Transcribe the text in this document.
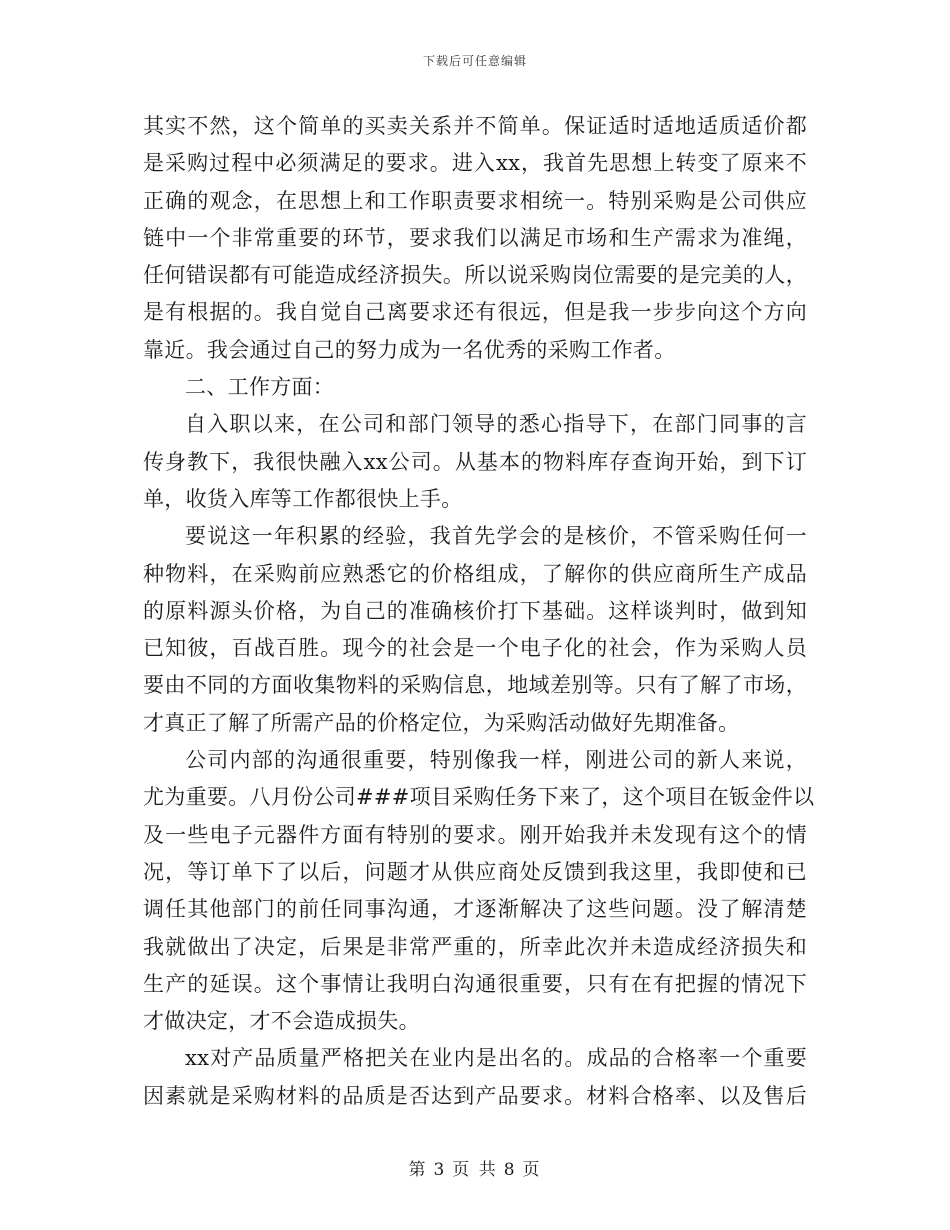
下载后可任意编辑
其实不然，这个简单的买卖关系并不简单。保证适时适地适质适价都
是采购过程中必须满足的要求。进入xx，我首先思想上转变了原来不
正确的观念，在思想上和工作职责要求相统一。特别采购是公司供应
链中一个非常重要的环节，要求我们以满足市场和生产需求为准绳，
任何错误都有可能造成经济损失。所以说采购岗位需要的是完美的人，
是有根据的。我自觉自己离要求还有很远，但是我一步步向这个方向
靠近。我会通过自己的努力成为一名优秀的采购工作者。
二、工作方面：
自入职以来，在公司和部门领导的悉心指导下，在部门同事的言
传身教下，我很快融入xx公司。从基本的物料库存查询开始，到下订
单，收货入库等工作都很快上手。
要说这一年积累的经验，我首先学会的是核价，不管采购任何一
种物料，在采购前应熟悉它的价格组成，了解你的供应商所生产成品
的原料源头价格，为自己的准确核价打下基础。这样谈判时，做到知
已知彼，百战百胜。现今的社会是一个电子化的社会，作为采购人员
要由不同的方面收集物料的采购信息，地域差别等。只有了解了市场，
才真正了解了所需产品的价格定位，为采购活动做好先期准备。
公司内部的沟通很重要，特别像我一样，刚进公司的新人来说，
尤为重要。八月份公司###项目采购任务下来了，这个项目在钣金件以
及一些电子元器件方面有特别的要求。刚开始我并未发现有这个的情
况，等订单下了以后，问题才从供应商处反馈到我这里，我即使和已
调任其他部门的前任同事沟通，才逐渐解决了这些问题。没了解清楚
我就做出了决定，后果是非常严重的，所幸此次并未造成经济损失和
生产的延误。这个事情让我明白沟通很重要，只有在有把握的情况下
才做决定，才不会造成损失。
xx对产品质量严格把关在业内是出名的。成品的合格率一个重要
因素就是采购材料的品质是否达到产品要求。材料合格率、以及售后
第 3 页 共 8 页
